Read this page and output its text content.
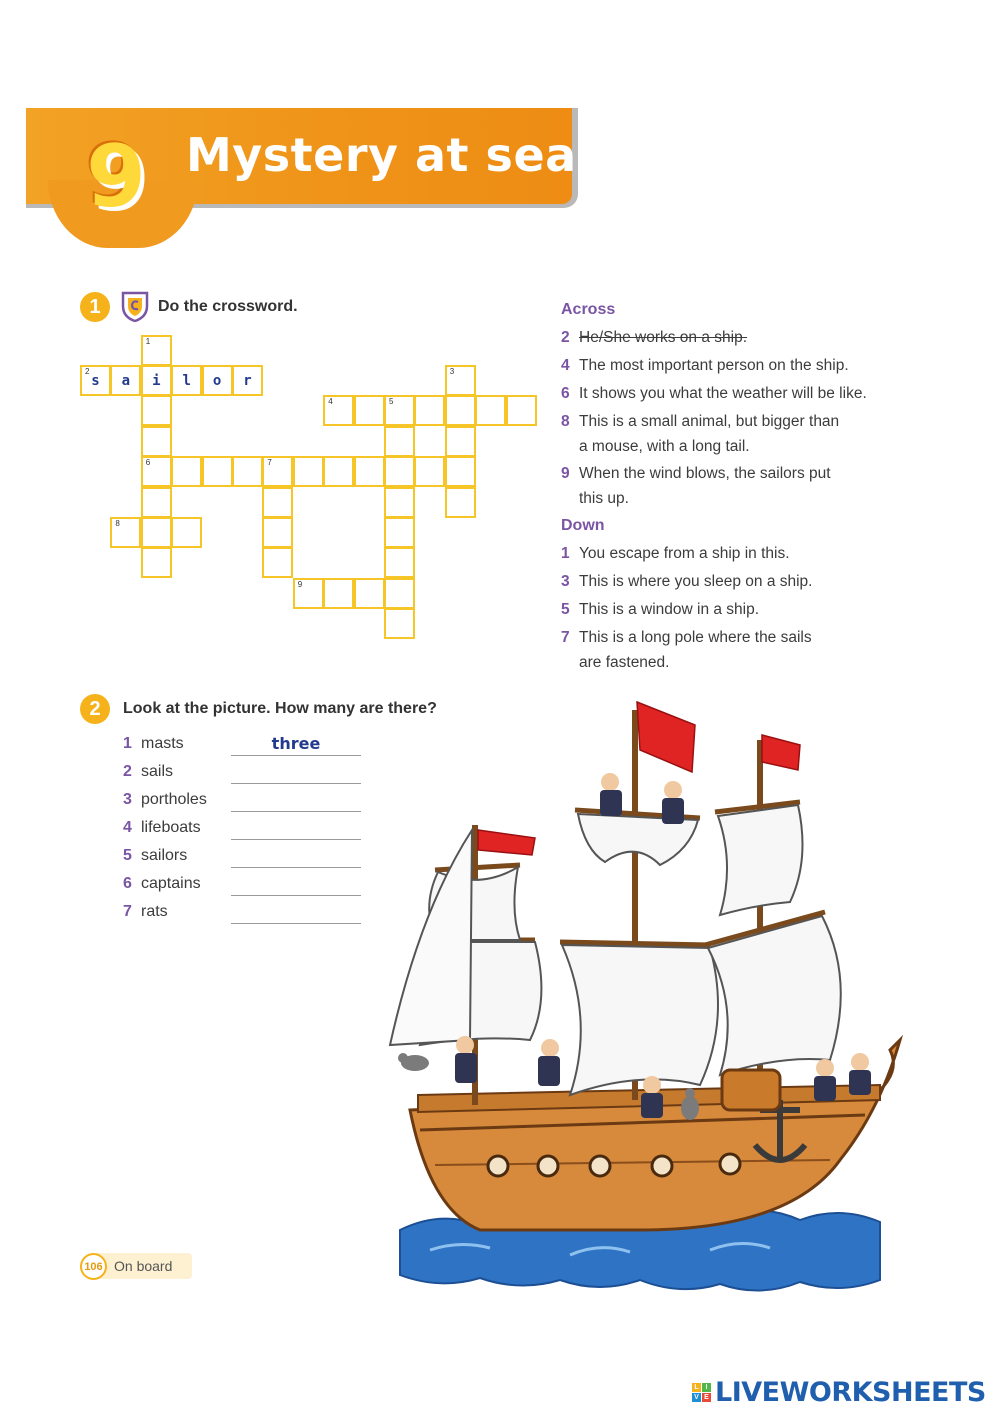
9 Mystery at sea
1	Do the crossword.
2
s	a	i	l	o	r
1
6
3
4	5
7
8
9
Across
2 He/She works on a ship.
4 The most important person on the ship.
6 It shows you what the weather will be like.
8 This is a small animal, but bigger than
a mouse, with a long tail.
9 When the wind blows, the sailors put
this up.
Down
1 You escape from a ship in this.
3 This is where you sleep on a ship.
5 This is a window in a ship.
7 This is a long pole where the sails
are fastened.
2	Look at the picture. How many are there?
1 masts
three
2 sails
3 portholes
4 lifeboats
5 sailors
6 captains
7 rats
106 On board
L I
V E LIVEWORKSHEETS
